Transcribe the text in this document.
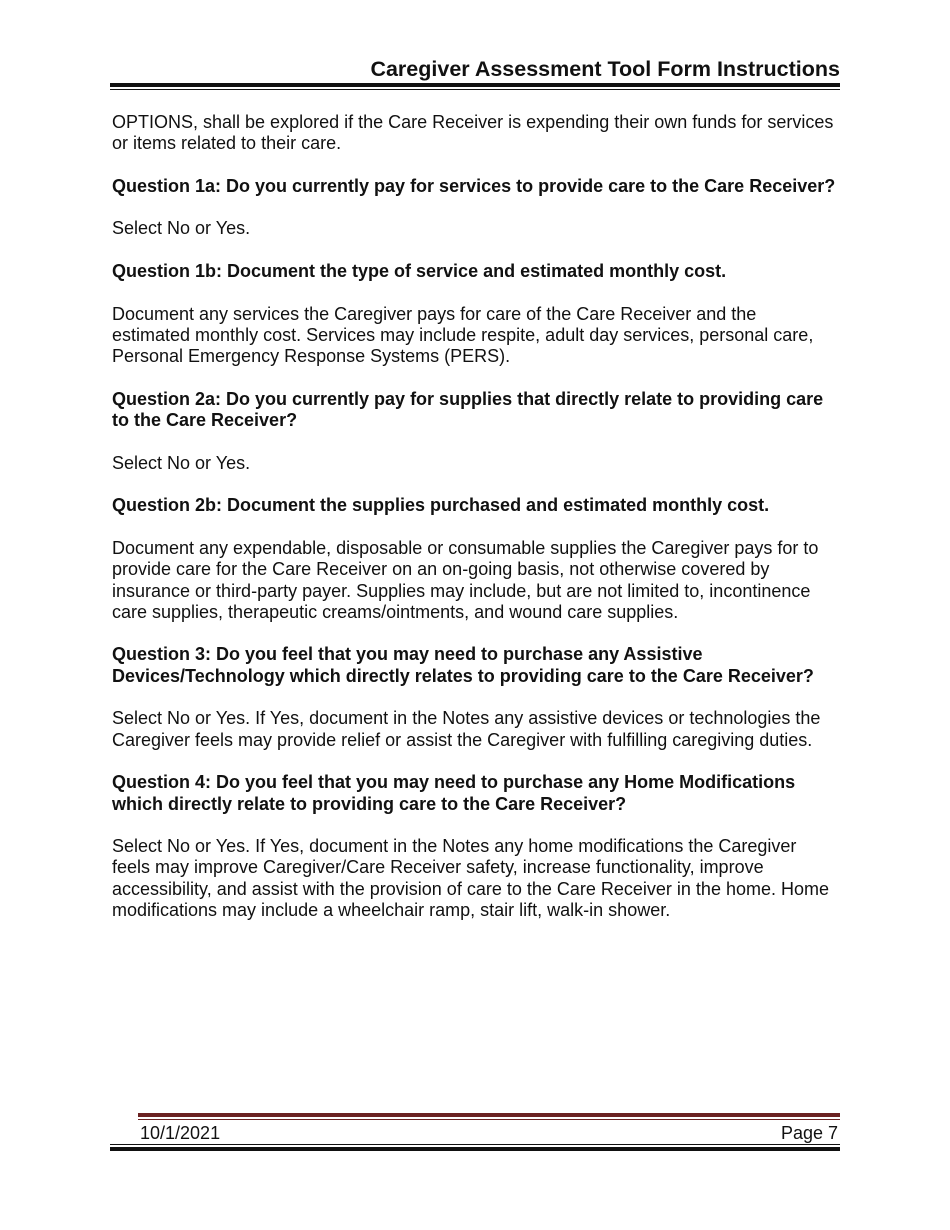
Caregiver Assessment Tool Form Instructions

OPTIONS, shall be explored if the Care Receiver is expending their own funds for services or items related to their care.

Question 1a: Do you currently pay for services to provide care to the Care Receiver?

Select No or Yes.

Question 1b: Document the type of service and estimated monthly cost.

Document any services the Caregiver pays for care of the Care Receiver and the estimated monthly cost. Services may include respite, adult day services, personal care, Personal Emergency Response Systems (PERS).

Question 2a: Do you currently pay for supplies that directly relate to providing care to the Care Receiver?

Select No or Yes.

Question 2b: Document the supplies purchased and estimated monthly cost.

Document any expendable, disposable or consumable supplies the Caregiver pays for to provide care for the Care Receiver on an on-going basis, not otherwise covered by insurance or third-party payer. Supplies may include, but are not limited to, incontinence care supplies, therapeutic creams/ointments, and wound care supplies.

Question 3: Do you feel that you may need to purchase any Assistive Devices/Technology which directly relates to providing care to the Care Receiver?

Select No or Yes. If Yes, document in the Notes any assistive devices or technologies the Caregiver feels may provide relief or assist the Caregiver with fulfilling caregiving duties.

Question 4: Do you feel that you may need to purchase any Home Modifications which directly relate to providing care to the Care Receiver?

Select No or Yes. If Yes, document in the Notes any home modifications the Caregiver feels may improve Caregiver/Care Receiver safety, increase functionality, improve accessibility, and assist with the provision of care to the Care Receiver in the home. Home modifications may include a wheelchair ramp, stair lift, walk-in shower.

10/1/2021	Page 7
